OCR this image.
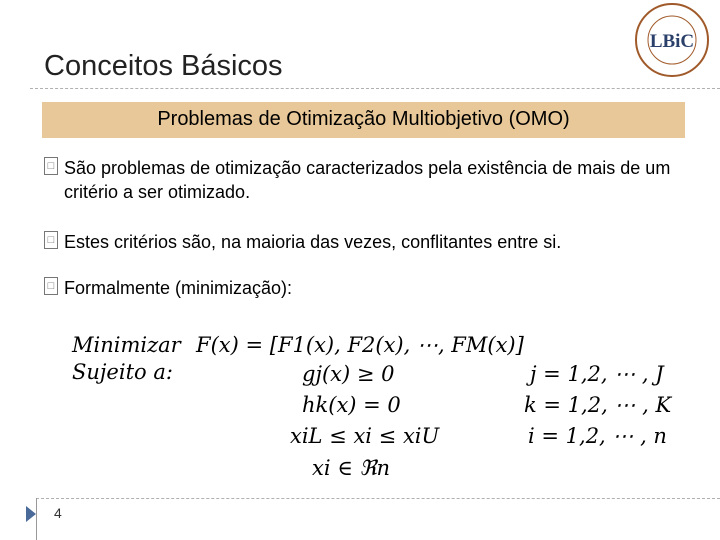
Conceitos Básicos
LBiC
Problemas de Otimização Multiobjetivo (OMO)
□ São problemas de otimização caracterizados pela existência de mais de um critério a ser otimizado.
□ Estes critérios são, na maioria das vezes, conflitantes entre si.
□ Formalmente (minimização):
Minimizar
Sujeito a:
F(x) = [F1(x), F2(x), ⋯, FM(x)]
gj(x) ≥ 0
hk(x) = 0
xiL ≤ xi ≤ xiU
xi ∈ ℜn
j = 1,2, ⋯ , J
k = 1,2, ⋯ , K
i = 1,2, ⋯ , n
4
